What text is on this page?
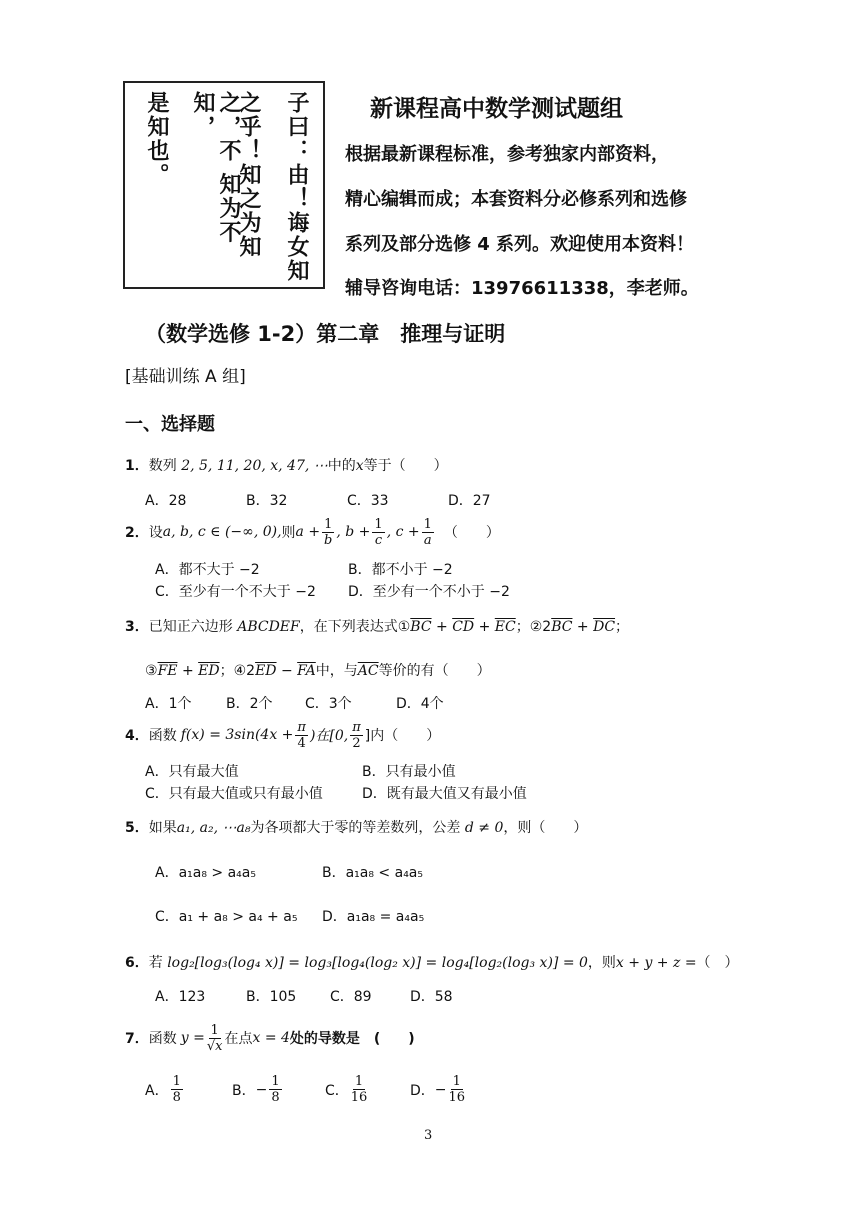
子曰：由！诲女知
之乎！知之为知
之，不 知为不知，
是知也。	新课程高中数学测试题组
根据最新课程标准，参考独家内部资料，
精心编辑而成；本套资料分必修系列和选修
系列及部分选修 4 系列。欢迎使用本资料！
辅导咨询电话：13976611338，李老师。
（数学选修 1-2）第二章　推理与证明
[基础训练 A 组]
一、选择题
1．数列 2, 5, 11, 20, x, 47, ⋯中的x等于（　　）
A．28	B．32	C．33	D．27
2． 设 a, b, c ∈ (−∞, 0), 则 $a + \frac{1}{b}$ , $b + \frac{1}{c}$ , $c + \frac{1}{a}$ （　　）
A．都不大于 −2	B．都不小于 −2
C．至少有一个不大于 −2 D．至少有一个不小于 −2
3．已知正六边形 ABCDEF，在下列表达式$①\overline{BC} + \overline{CD} + \overline{EC}$；$②2\overline{BC} + \overline{DC}$；
$③\overline{FE} + \overline{ED}$；$④2\overline{ED} - \overline{FA}$中，与$\overline{AC}$等价的有（　　）
A．1个 B．2个 C．3个	D．4个
4． 函数 $f(x) = 3\sin(4x + \frac{\pi}{4}$ )在[0, $\frac{\pi}{2}$ ]内（　　）
A．只有最大值	B．只有最小值
C．只有最大值或只有最小值	D．既有最大值又有最小值
5．如果a₁, a₂, ⋯a₈为各项都大于零的等差数列，公差 d ≠ 0，则（　　）
A．a₁a₈ > a₄a₅	B．a₁a₈ < a₄a₅
C．a₁ + a₈ > a₄ + a₅ D．a₁a₈ = a₄a₅
6．若 log₂[log₃(log₄ x)] = log₃[log₄(log₂ x)] = log₄[log₂(log₃ x)] = 0，则x + y + z =（　）
A．123	B．105 C．89	D．58
7． 函数 $y = \frac{1}{√x}$ 在点 x = 4 处的导数是　(　　)
A． $\frac{1}{8}$	B． − $\frac{1}{8}$	C． $\frac{1}{16}$	D． − $\frac{1}{16}$
3
